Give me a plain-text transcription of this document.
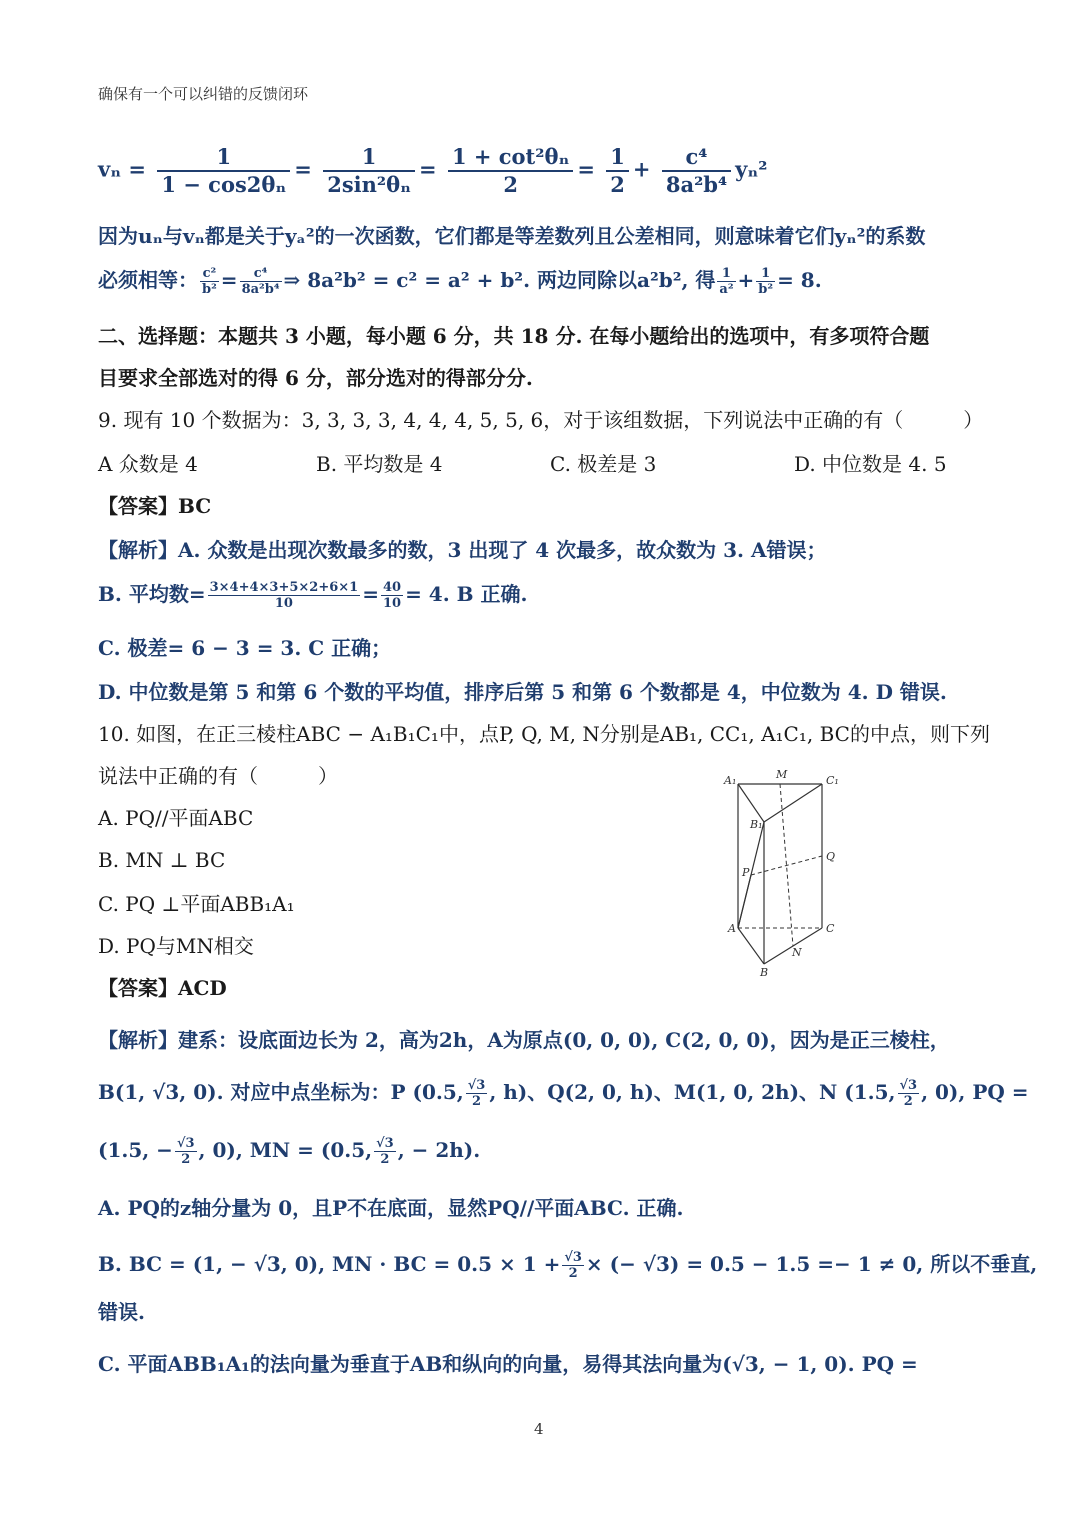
确保有一个可以纠错的反馈闭环
$v_n = \frac{1}{\text{1 − cos2θₙ}} = \frac{1}{\text{2sin²θₙ}} = \frac{\text{1 + cot²θₙ}}{2} = \frac{1}{2} + \frac{\text{c⁴}}{\text{8a²b⁴}} y_n^2$
因为uₙ与vₙ都是关于yₐ²的一次函数，它们都是等差数列且公差相同，则意味着它们yₙ²的系数
必须相等： $\frac{\text{c²}}{\text{b²}} = \frac{\text{c⁴}}{\text{8a²b⁴}}$ ⇒ 8a²b² = c² = a² + b². 两边同除以a²b², 得 $\frac{1}{\text{a²}} + \frac{1}{\text{b²}} = 8$.
二、选择题：本题共 3 小题，每小题 6 分，共 18 分. 在每小题给出的选项中，有多项符合题
目要求全部选对的得 6 分，部分选对的得部分分.
9. 现有 10 个数据为：3, 3, 3, 3, 4, 4, 4, 5, 5, 6，对于该组数据，下列说法中正确的有（　　　）
A 众数是 4	B. 平均数是 4	C. 极差是 3	D. 中位数是 4. 5
【答案】BC
【解析】A. 众数是出现次数最多的数，3 出现了 4 次最多，故众数为 3. A错误；
B. 平均数= $\frac{3\times 4+4\times 3+5\times 2+6\times 1}{10} = \frac{40}{10} = 4$. B 正确.
C. 极差= 6 − 3 = 3. C 正确；
D. 中位数是第 5 和第 6 个数的平均值，排序后第 5 和第 6 个数都是 4，中位数为 4. D 错误.
10. 如图，在正三棱柱ABC − A₁B₁C₁中，点P, Q, M, N分别是AB₁, CC₁, A₁C₁, BC的中点，则下列
说法中正确的有（　　　）
A. PQ//平面ABC
B. MN ⊥ BC
C. PQ ⊥平面ABB₁A₁
D. PQ与MN相交
【答案】ACD
A₁	M	C₁
B₁
Q
P
A	C
N
B
【解析】建系：设底面边长为 2，高为2h，A为原点(0, 0, 0), C(2, 0, 0)，因为是正三棱柱，
B(1, √3, 0). 对应中点坐标为：P (0.5, $\frac{√3}{2}$ , h)、Q(2, 0, h)、M(1, 0, 2h)、N (1.5, $\frac{√3}{2}$ , 0), PQ =
(1.5, − $\frac{√3}{2}$ , 0), MN = (0.5, $\frac{√3}{2}$ , − 2h).
A. PQ的z轴分量为 0，且P不在底面，显然PQ//平面ABC. 正确.
B. BC = (1, − √3, 0), MN · BC = $0.5 \times 1 + \frac{√3}{2}$ × (− √3) = 0.5 − 1.5 =− 1 ≠ 0, 所以不垂直,
错误.
C. 平面ABB₁A₁的法向量为垂直于AB和纵向的向量，易得其法向量为(√3, − 1, 0). PQ =
4
